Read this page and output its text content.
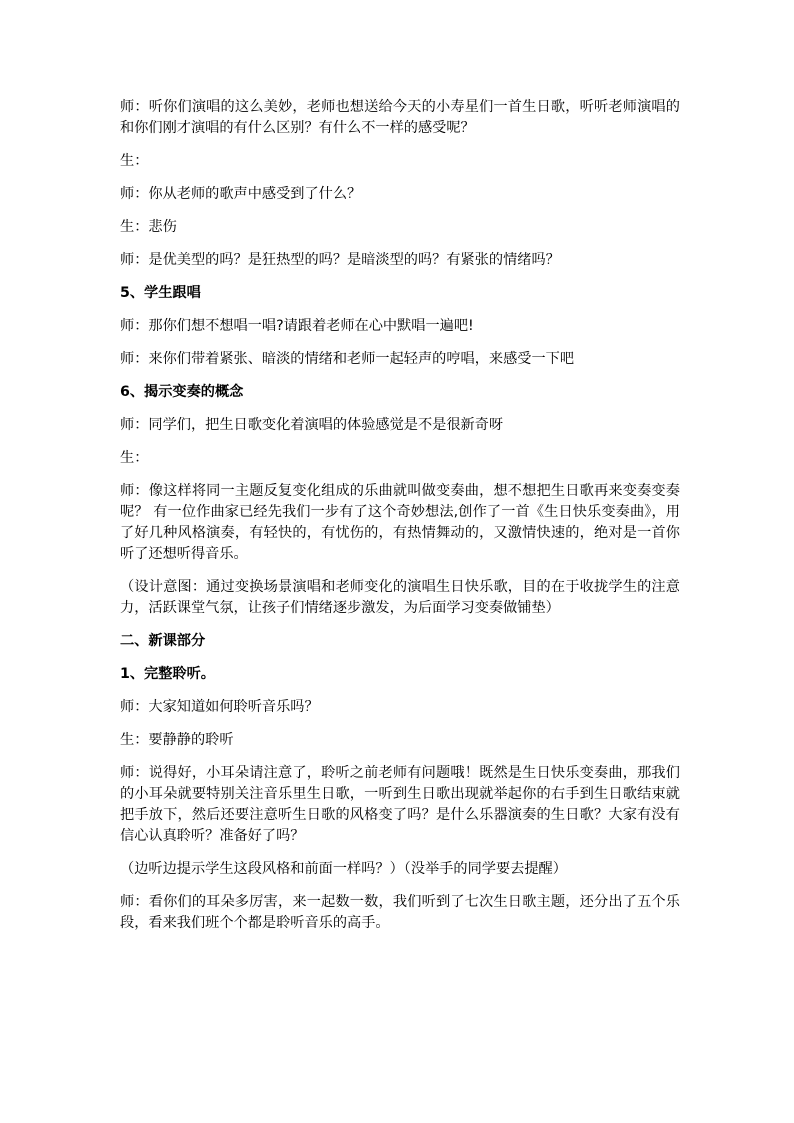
师：听你们演唱的这么美妙，老师也想送给今天的小寿星们一首生日歌，听听老师演唱的和你们刚才演唱的有什么区别？有什么不一样的感受呢？

生：

师：你从老师的歌声中感受到了什么？

生：悲伤

师：是优美型的吗？是狂热型的吗？是暗淡型的吗？有紧张的情绪吗？

5、学生跟唱

师：那你们想不想唱一唱?请跟着老师在心中默唱一遍吧!

师：来你们带着紧张、暗淡的情绪和老师一起轻声的哼唱，来感受一下吧

6、揭示变奏的概念

师：同学们，把生日歌变化着演唱的体验感觉是不是很新奇呀

生：

师：像这样将同一主题反复变化组成的乐曲就叫做变奏曲，想不想把生日歌再来变奏变奏呢？ 有一位作曲家已经先我们一步有了这个奇妙想法,创作了一首《生日快乐变奏曲》，用了好几种风格演奏，有轻快的，有忧伤的，有热情舞动的，又激情快速的，绝对是一首你听了还想听得音乐。

（设计意图：通过变换场景演唱和老师变化的演唱生日快乐歌，目的在于收拢学生的注意力，活跃课堂气氛，让孩子们情绪逐步激发，为后面学习变奏做铺垫）

二、新课部分

1、完整聆听。

师：大家知道如何聆听音乐吗？

生：要静静的聆听

师：说得好，小耳朵请注意了，聆听之前老师有问题哦！既然是生日快乐变奏曲，那我们的小耳朵就要特别关注音乐里生日歌，一听到生日歌出现就举起你的右手到生日歌结束就把手放下，然后还要注意听生日歌的风格变了吗？是什么乐器演奏的生日歌？大家有没有信心认真聆听？准备好了吗？

（边听边提示学生这段风格和前面一样吗？）（没举手的同学要去提醒）

师：看你们的耳朵多厉害，来一起数一数，我们听到了七次生日歌主题，还分出了五个乐段，看来我们班个个都是聆听音乐的高手。
